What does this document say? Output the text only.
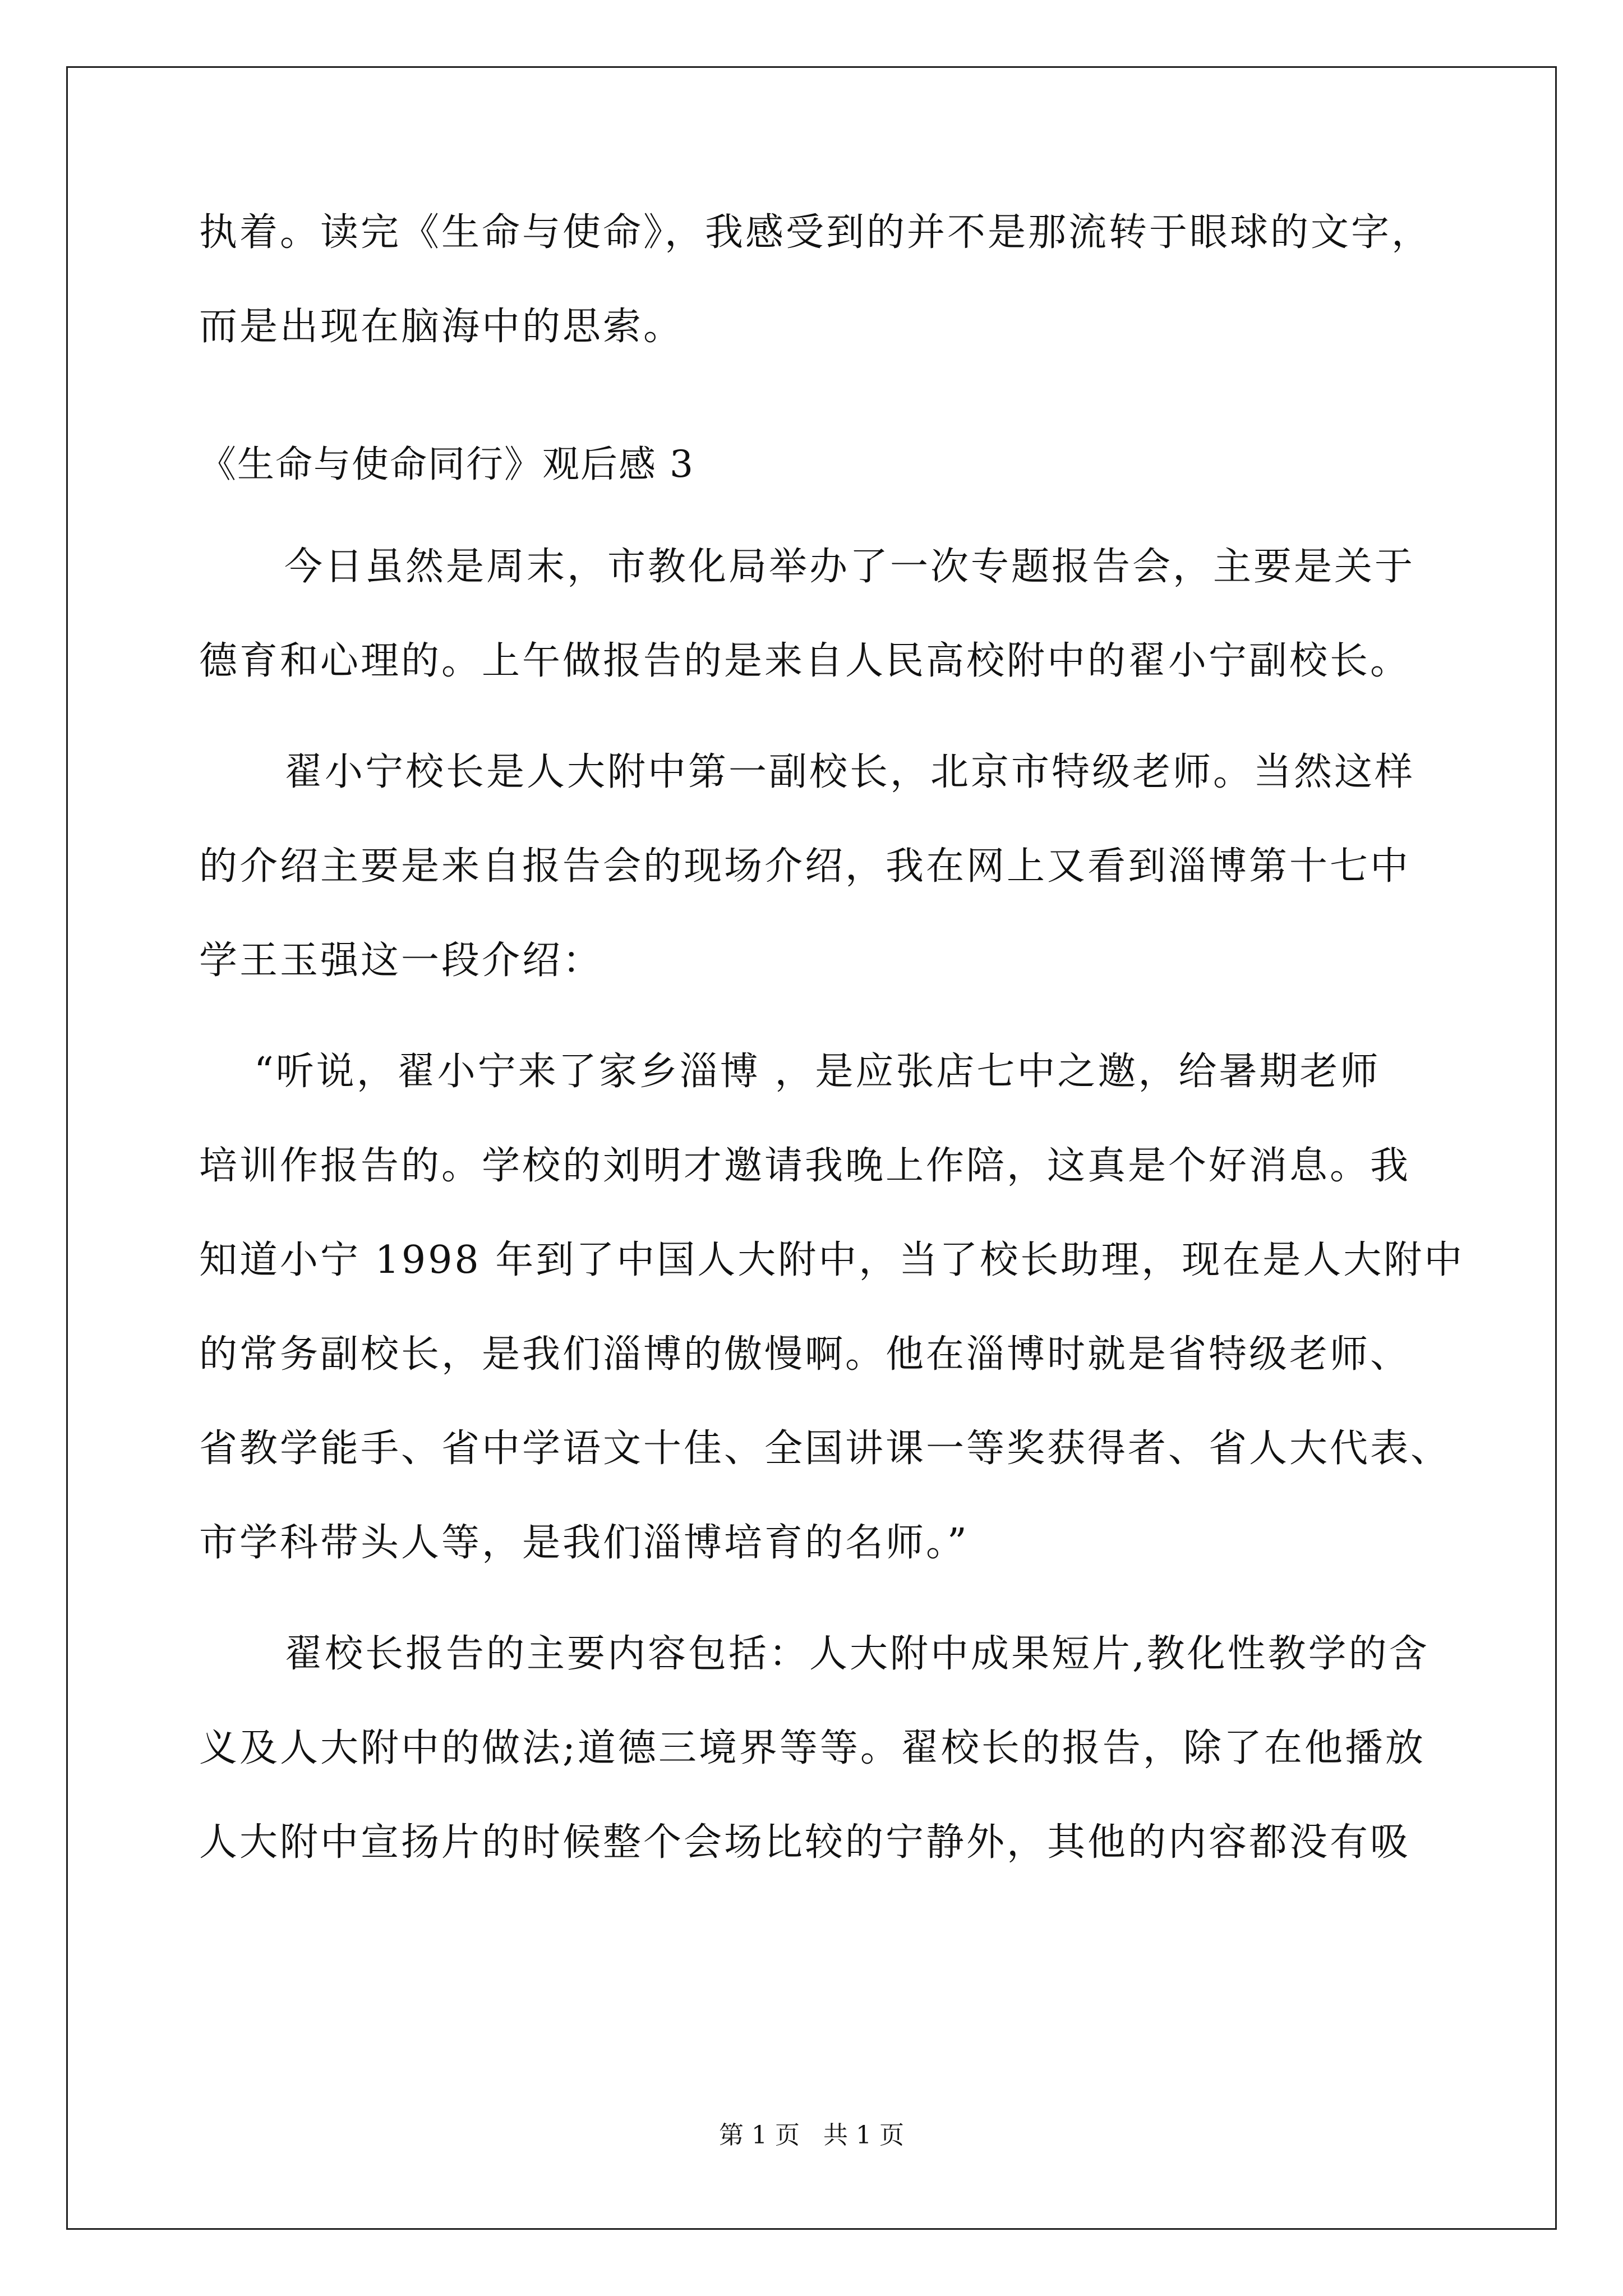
执着。读完《生命与使命》，我感受到的并不是那流转于眼球的文字，
而是出现在脑海中的思索。
《生命与使命同行》观后感 3
今日虽然是周末，市教化局举办了一次专题报告会，主要是关于
德育和心理的。上午做报告的是来自人民高校附中的翟小宁副校长。
翟小宁校长是人大附中第一副校长，北京市特级老师。当然这样
的介绍主要是来自报告会的现场介绍，我在网上又看到淄博第十七中
学王玉强这一段介绍：
“听说，翟小宁来了家乡淄博 ，是应张店七中之邀，给暑期老师
培训作报告的。学校的刘明才邀请我晚上作陪，这真是个好消息。我
知道小宁 1998 年到了中国人大附中，当了校长助理，现在是人大附中
的常务副校长，是我们淄博的傲慢啊。他在淄博时就是省特级老师、
省教学能手、省中学语文十佳、全国讲课一等奖获得者、省人大代表、
市学科带头人等，是我们淄博培育的名师。”
翟校长报告的主要内容包括：人大附中成果短片,教化性教学的含
义及人大附中的做法;道德三境界等等。翟校长的报告，除了在他播放
人大附中宣扬片的时候整个会场比较的宁静外，其他的内容都没有吸
第 1 页   共 1 页
